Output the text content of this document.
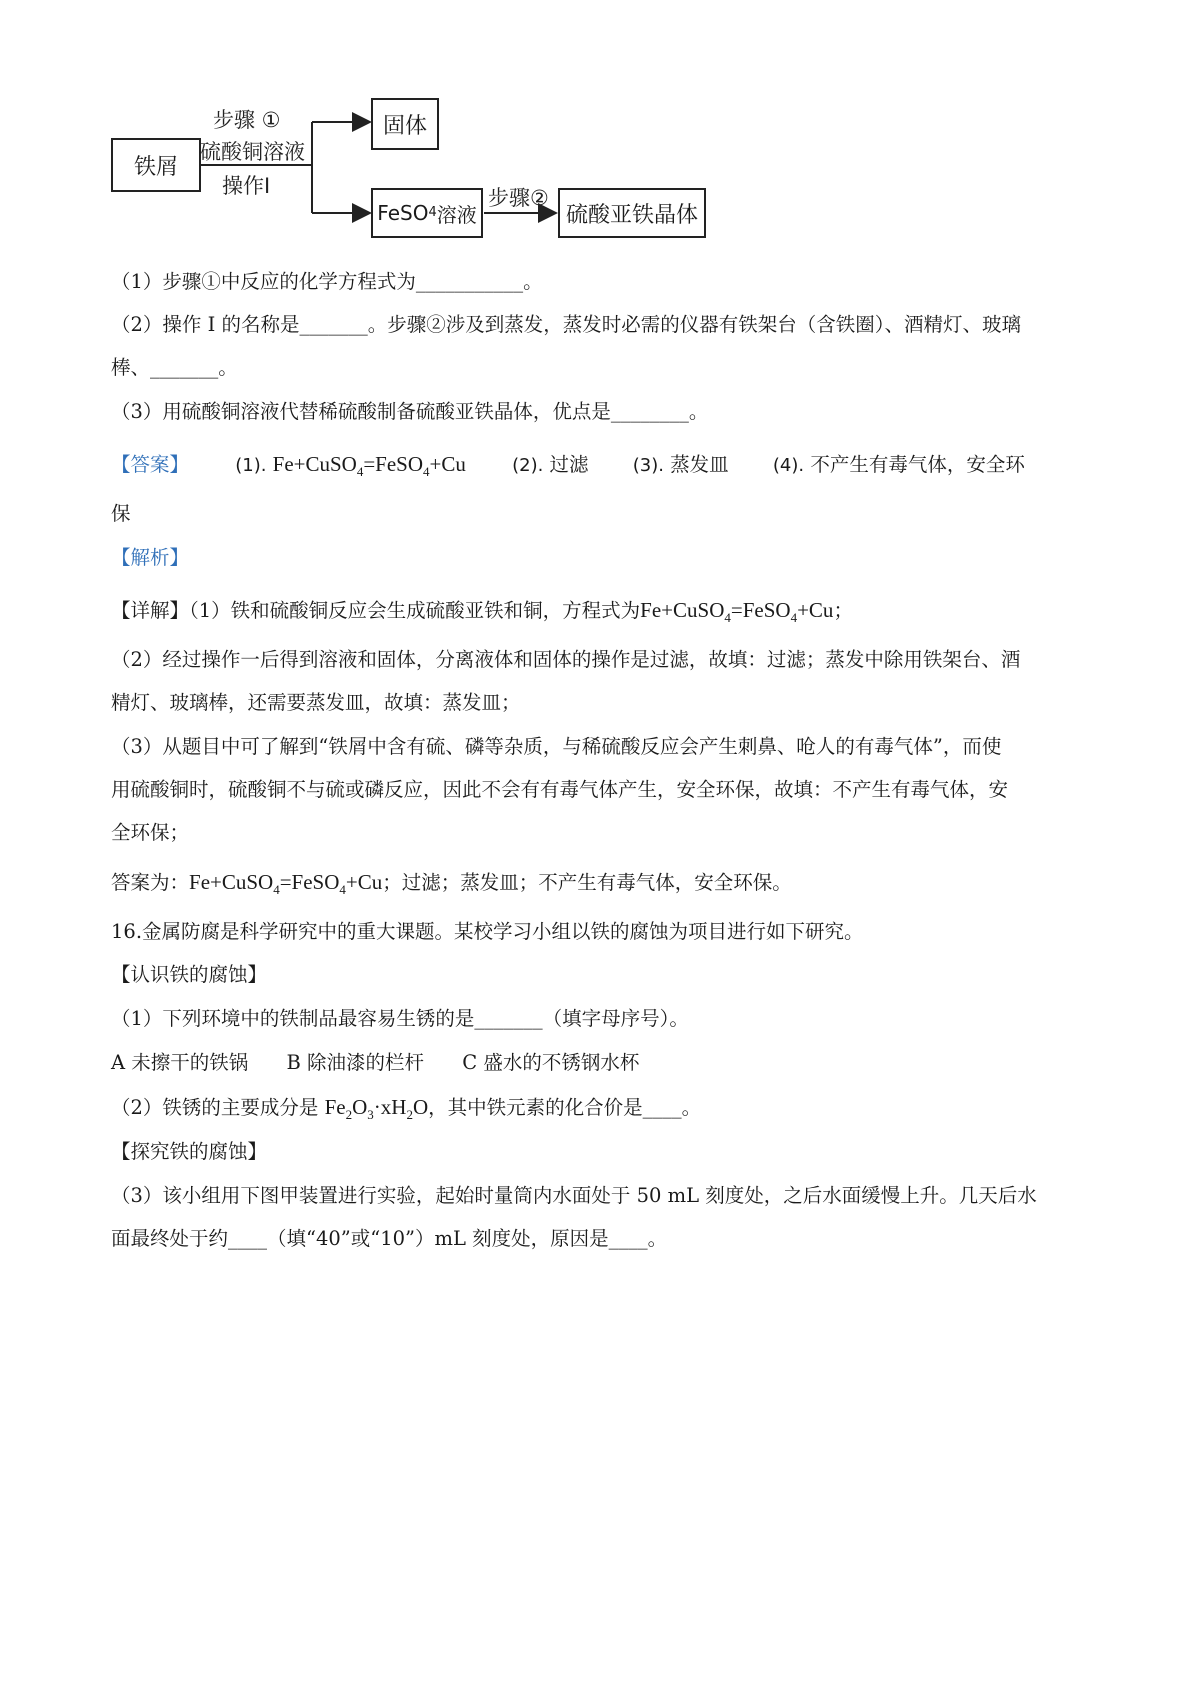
铁屑
固体
FeSO 4 溶液	硫酸亚铁晶体
步骤 ①
硫酸铜溶液
操作I	步骤②
（1）步骤①中反应的化学方程式为___________。
（2）操作 I 的名称是_______。步骤②涉及到蒸发，蒸发时必需的仪器有铁架台（含铁圈）、酒精灯、玻璃
棒、_______。
（3）用硫酸铜溶液代替稀硫酸制备硫酸亚铁晶体，优点是________。
【答案】	(1). Fe+CuSO$_4$=FeSO$_4$+Cu	(2). 过滤 (3). 蒸发皿 (4). 不产生有毒气体，安全环
保
【解析】
【详解】（1）铁和硫酸铜反应会生成硫酸亚铁和铜，方程式为Fe+CuSO$_4$=FeSO$_4$+Cu；
（2）经过操作一后得到溶液和固体，分离液体和固体的操作是过滤，故填：过滤；蒸发中除用铁架台、酒
精灯、玻璃棒，还需要蒸发皿，故填：蒸发皿；
（3）从题目中可了解到“铁屑中含有硫、磷等杂质，与稀硫酸反应会产生刺鼻、呛人的有毒气体”，而使
用硫酸铜时，硫酸铜不与硫或磷反应，因此不会有有毒气体产生，安全环保，故填：不产生有毒气体，安
全环保；
答案为：Fe+CuSO$_4$=FeSO$_4$+Cu；过滤；蒸发皿；不产生有毒气体，安全环保。
16.金属防腐是科学研究中的重大课题。某校学习小组以铁的腐蚀为项目进行如下研究。
【认识铁的腐蚀】
（1）下列环境中的铁制品最容易生锈的是_______（填字母序号）。
A 未擦干的铁锅 B 除油漆的栏杆 C 盛水的不锈钢水杯
（2）铁锈的主要成分是 $Fe_2O_3\cdot xH_2O$，其中铁元素的化合价是____。
【探究铁的腐蚀】
（3）该小组用下图甲装置进行实验，起始时量筒内水面处于 50 mL 刻度处，之后水面缓慢上升。几天后水
面最终处于约____（填“40”或“10”）mL 刻度处，原因是____。
